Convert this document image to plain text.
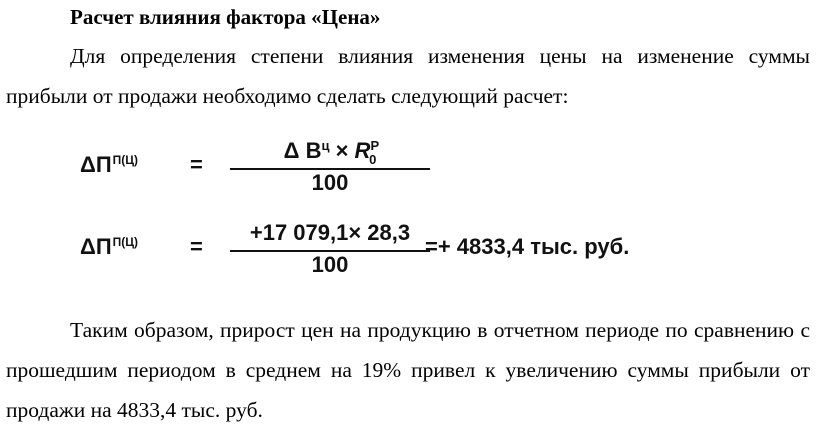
Расчет влияния фактора «Цена»

Для определения степени влияния изменения цены на изменение суммы прибыли от продажи необходимо сделать следующий расчет:

$\Delta П^{П(Ц)}$ =
Δ $B^ц \times R^P_0$
100
$\Delta П^{П(Ц)}$ =
+17 079,1× 28,3
100
=+ 4833,4 тыс. руб.

Таким образом, прирост цен на продукцию в отчетном периоде по сравнению с прошедшим периодом в среднем на 19% привел к увеличению суммы прибыли от продажи на 4833,4 тыс. руб.
